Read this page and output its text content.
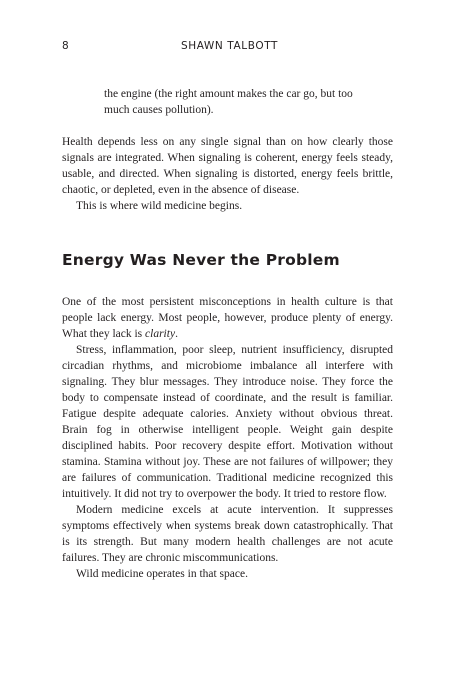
8	SHAWN TALBOTT

the engine (the right amount makes the car go, but too much causes pollution).

Health depends less on any single signal than on how clearly those signals are integrated. When signaling is coherent, energy feels steady, usable, and directed. When signaling is distorted, energy feels brittle, chaotic, or depleted, even in the absence of disease.

This is where wild medicine begins.

Energy Was Never the Problem

One of the most persistent misconceptions in health culture is that people lack energy. Most people, however, produce plenty of energy. What they lack is clarity.

Stress, inflammation, poor sleep, nutrient insufficiency, disrupted circadian rhythms, and microbiome imbalance all interfere with signaling. They blur messages. They introduce noise. They force the body to compensate instead of coordinate, and the result is familiar. Fatigue despite adequate calories. Anxiety without obvious threat. Brain fog in otherwise intelligent people. Weight gain despite disciplined habits. Poor recovery despite effort. Motivation without stamina. Stamina without joy. These are not failures of willpower; they are failures of communication. Traditional medicine recognized this intuitively. It did not try to overpower the body. It tried to restore flow.

Modern medicine excels at acute intervention. It suppresses symptoms effectively when systems break down catastrophically. That is its strength. But many modern health challenges are not acute failures. They are chronic miscommunications.

Wild medicine operates in that space.
